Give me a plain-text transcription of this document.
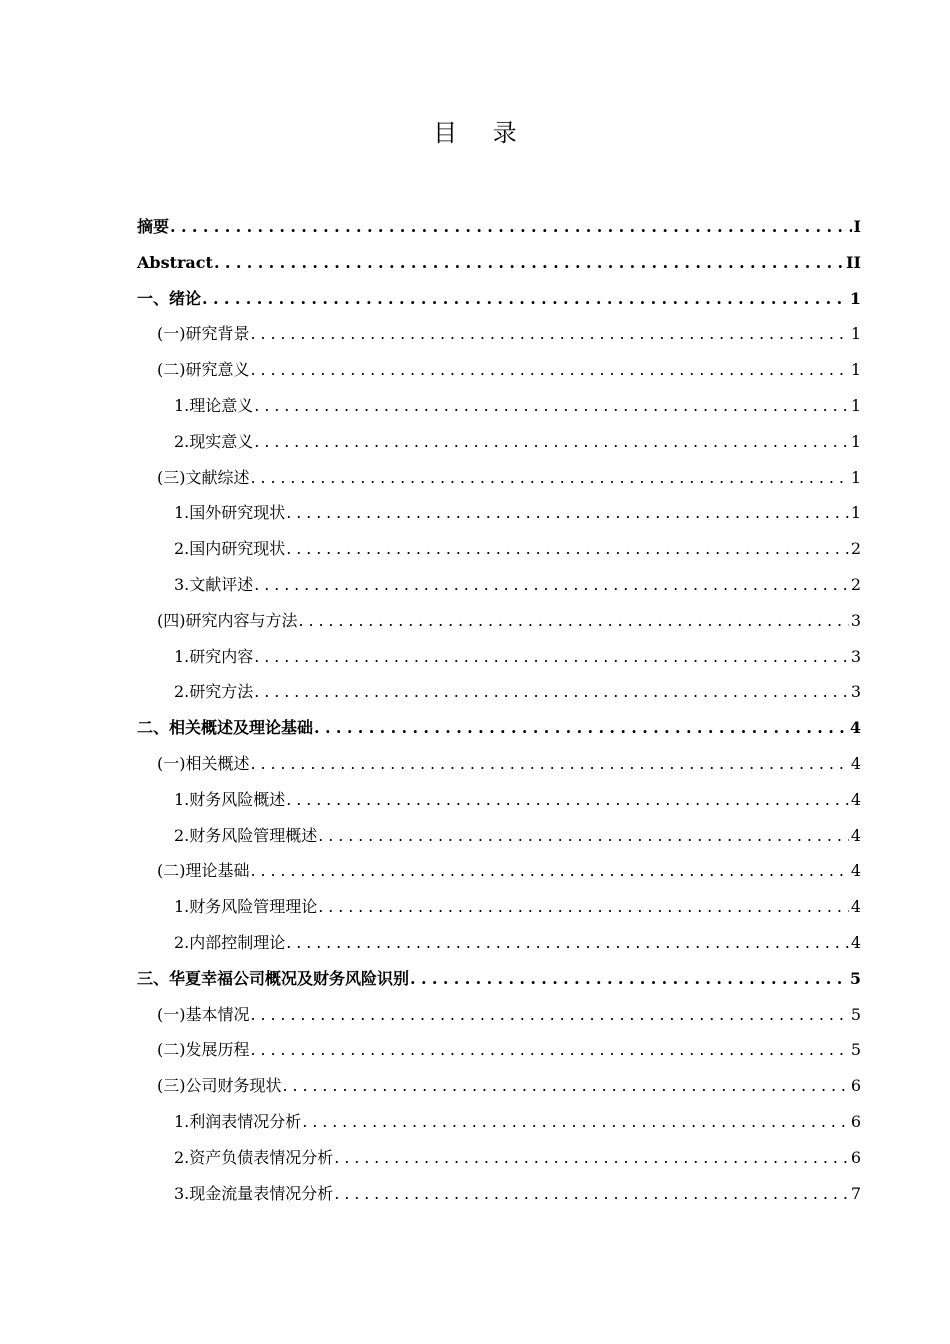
目 录
摘要 . . .	I
Abstract . . .	II
一、绪论 . . .	1
(一)研究背景 . . .	1
(二)研究意义 . . .	1
1.理论意义 . . .	1
2.现实意义 . . .	1
(三)文献综述 . . .	1
1.国外研究现状 . . .	1
2.国内研究现状 . . .	2
3.文献评述 . . .	2
(四)研究内容与方法 . . .	3
1.研究内容 . . .	3
2.研究方法 . . .	3
二、相关概述及理论基础 . . .	4
(一)相关概述 . . .	4
1.财务风险概述 . . .	4
2.财务风险管理概述 . . .	4
(二)理论基础 . . .	4
1.财务风险管理理论 . . .	4
2.内部控制理论 . . .	4
三、华夏幸福公司概况及财务风险识别 . . .	5
(一)基本情况 . . .	5
(二)发展历程 . . .	5
(三)公司财务现状 . . .	6
1.利润表情况分析 . . .	6
2.资产负债表情况分析 . . .	6
3.现金流量表情况分析 . . .	7
